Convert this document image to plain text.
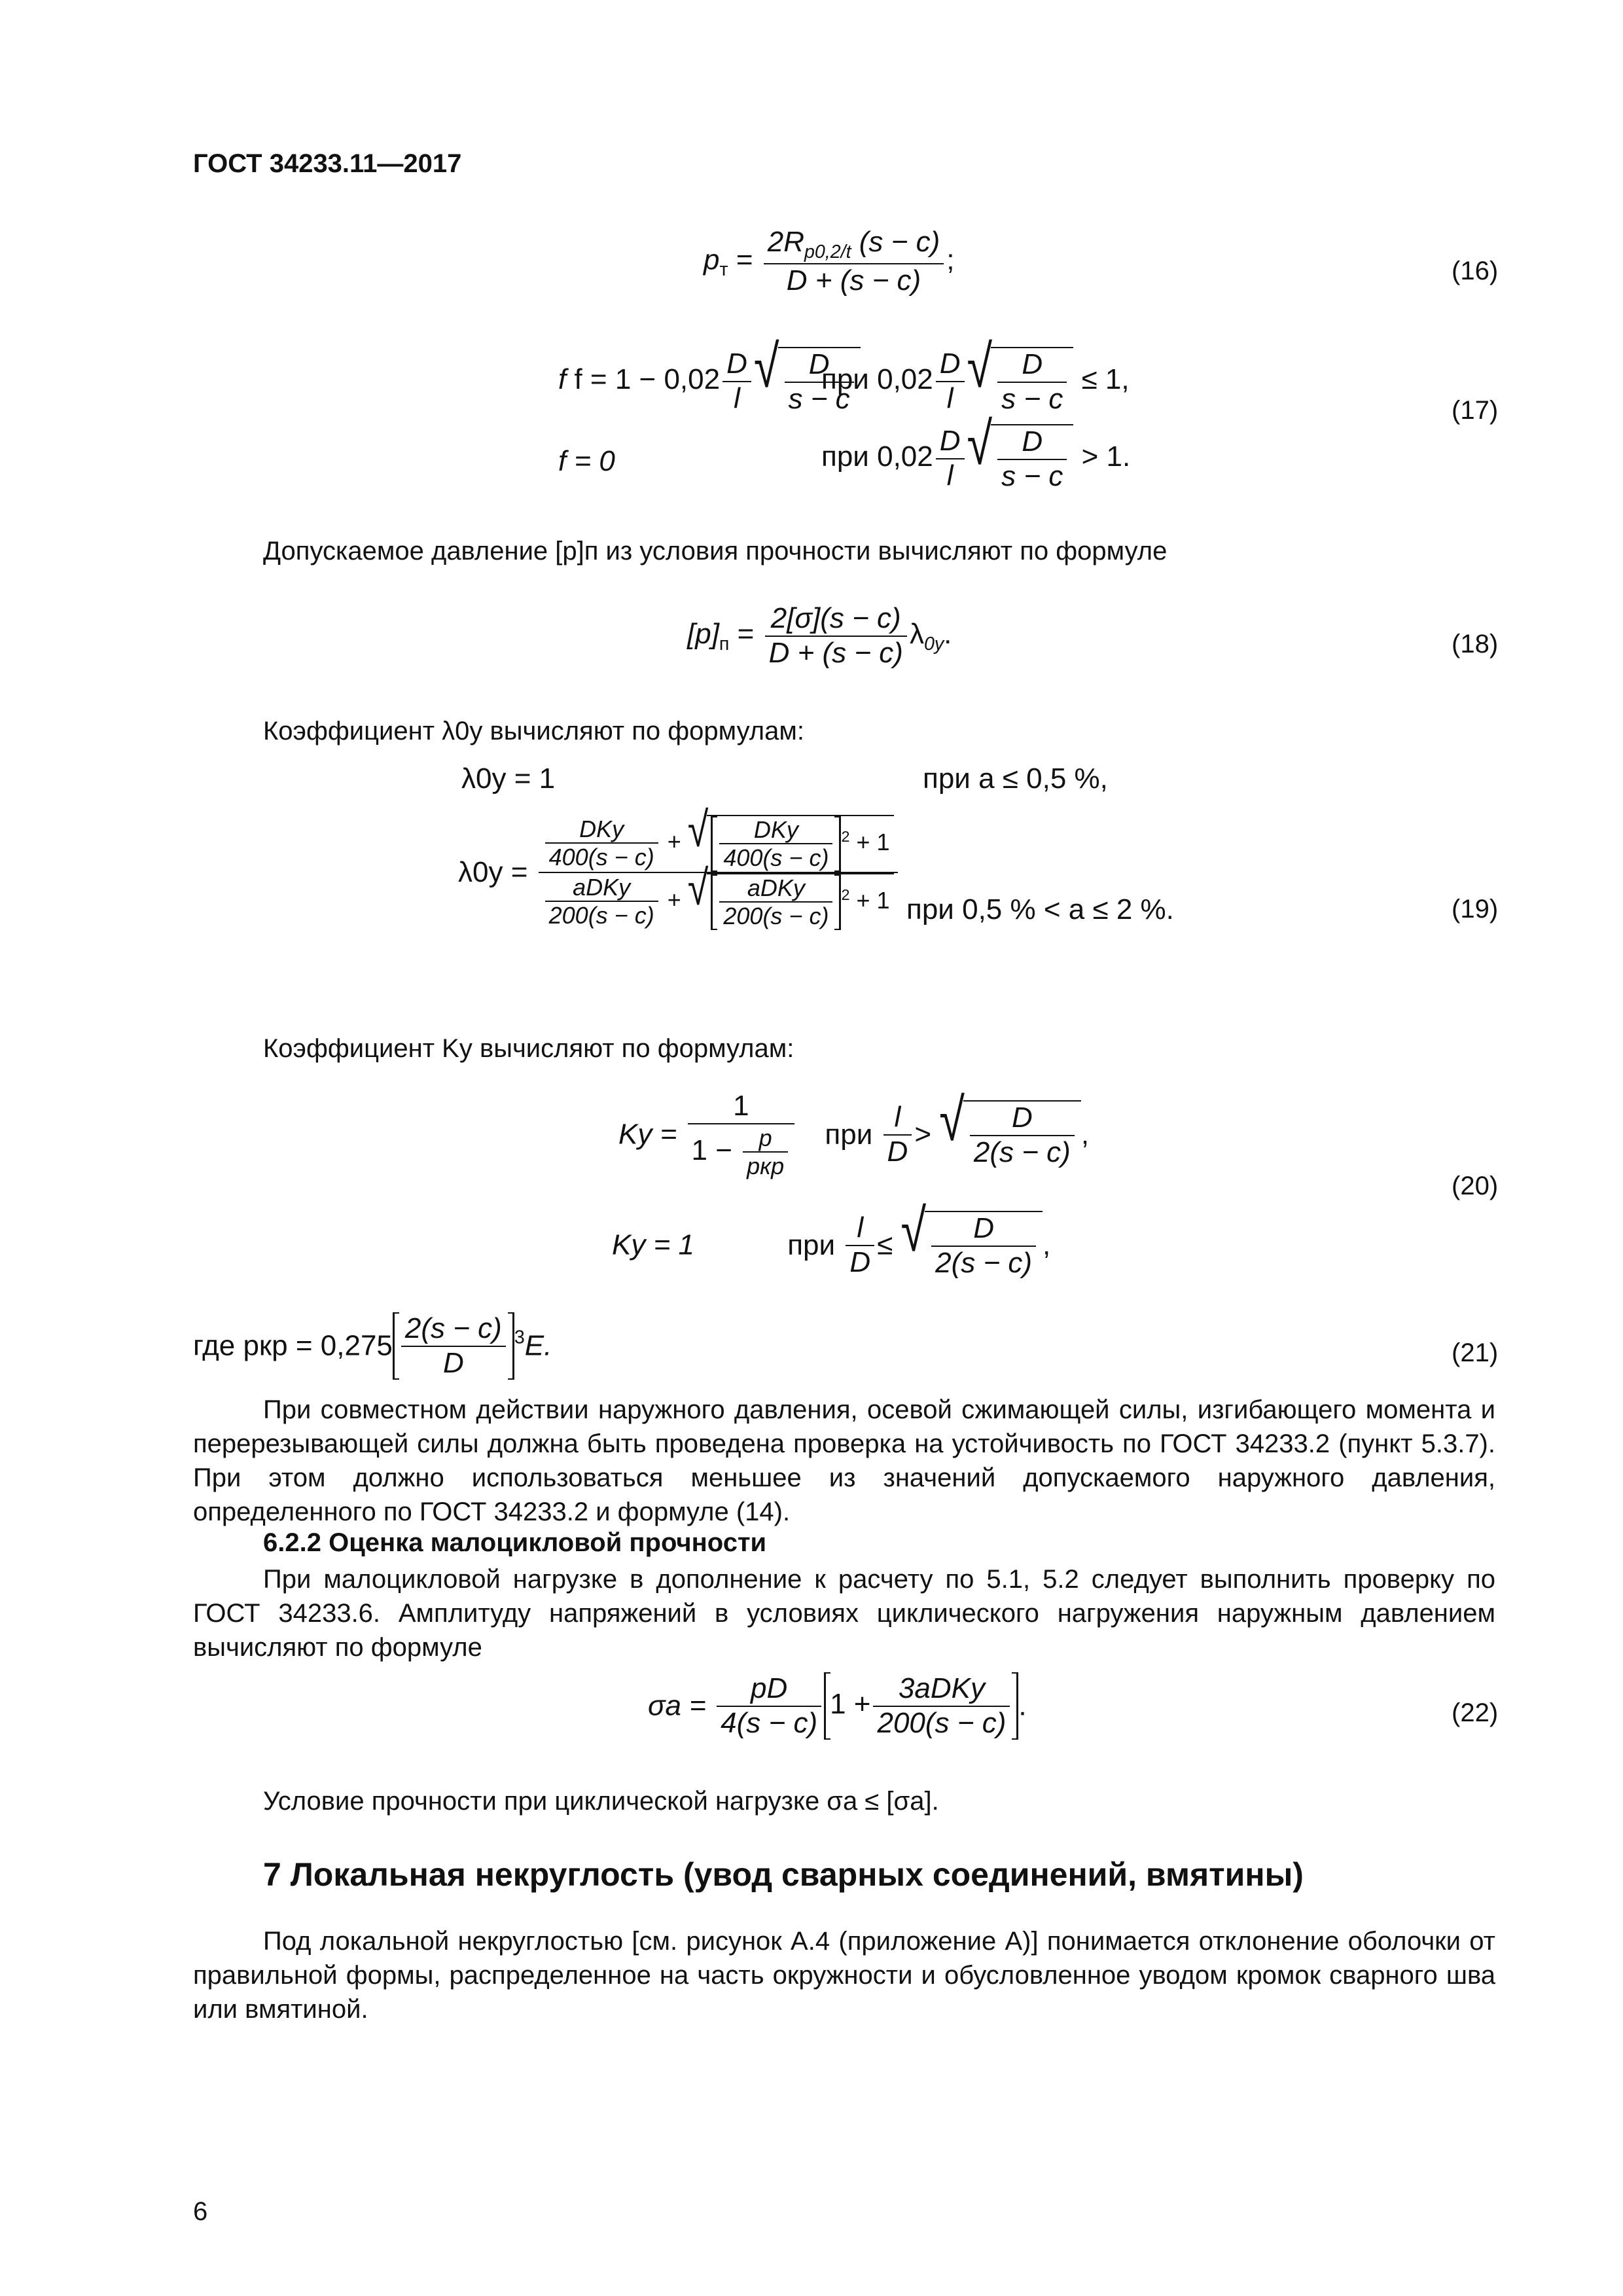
ГОСТ 34233.11—2017
$p_т = \frac{2R_{p0,2/t} (s - c)}{D + (s - c)}$ ;	(16)
f $f = 1 - 0,02 \frac{D}{l}$ √ $\frac{D}{s - c}$
при $0,02 \frac{D}{l}$ √ $\frac{D}{s - c} \le 1$,
f = 0	при $0,02 \frac{D}{l}$ √ $\frac{D}{s - c} > 1$.
(17)
Допускаемое давление [p]п из условия прочности вычисляют по формуле
$[p]_п = \frac{2[\sigma](s - c)}{D + (s - c)} \lambda_{0y}$.	(18)
Коэффициент λ0y вычисляют по формулам:
λ0y = 1	при a ≤ 0,5 %,
$\lambda 0y = \frac{\frac{\text{DKy}}{400(s - c)} + √ \frac{\text{DKy}}{400(s - c)} ^2 + 1}{\frac{\text{aDKy}}{200(s - c)} + √ \frac{\text{aDKy}}{200(s - c)} ^2 + 1}$ при 0,5 % < a ≤ 2 %.	(19)
Коэффициент Ky вычисляют по формулам:
$Ky = \frac{1}{1 - \frac{p}{\text{pкр}}}$ при $\frac{l}{D}$ > √ $\frac{D}{2(s - c)}$ ,
Ky = 1	при $\frac{l}{D}$ ≤ √ $\frac{D}{2(s - c)}$ ,
(20)
где pкр = $0,275 \frac{2(s - c)}{D} ^3E$.	(21)
При совместном действии наружного давления, осевой сжимающей силы, изгибающего момента и перерезывающей силы должна быть проведена проверка на устойчивость по ГОСТ 34233.2 (пункт 5.3.7). При этом должно использоваться меньшее из значений допускаемого наружного давления, определенного по ГОСТ 34233.2 и формуле (14).
6.2.2 Оценка малоцикловой прочности
При малоцикловой нагрузке в дополнение к расчету по 5.1, 5.2 следует выполнить проверку по ГОСТ 34233.6. Амплитуду напряжений в условиях циклического нагружения наружным давлением вычисляют по формуле
$\sigma a = \frac{pD}{4(s - c)} 1 + \frac{\text{3aDKy}}{200(s - c)}$ .	(22)
Условие прочности при циклической нагрузке σa ≤ [σa].
7 Локальная некруглость (увод сварных соединений, вмятины)
Под локальной некруглостью [см. рисунок А.4 (приложение А)] понимается отклонение оболочки от правильной формы, распределенное на часть окружности и обусловленное уводом кромок сварного шва или вмятиной.
6
